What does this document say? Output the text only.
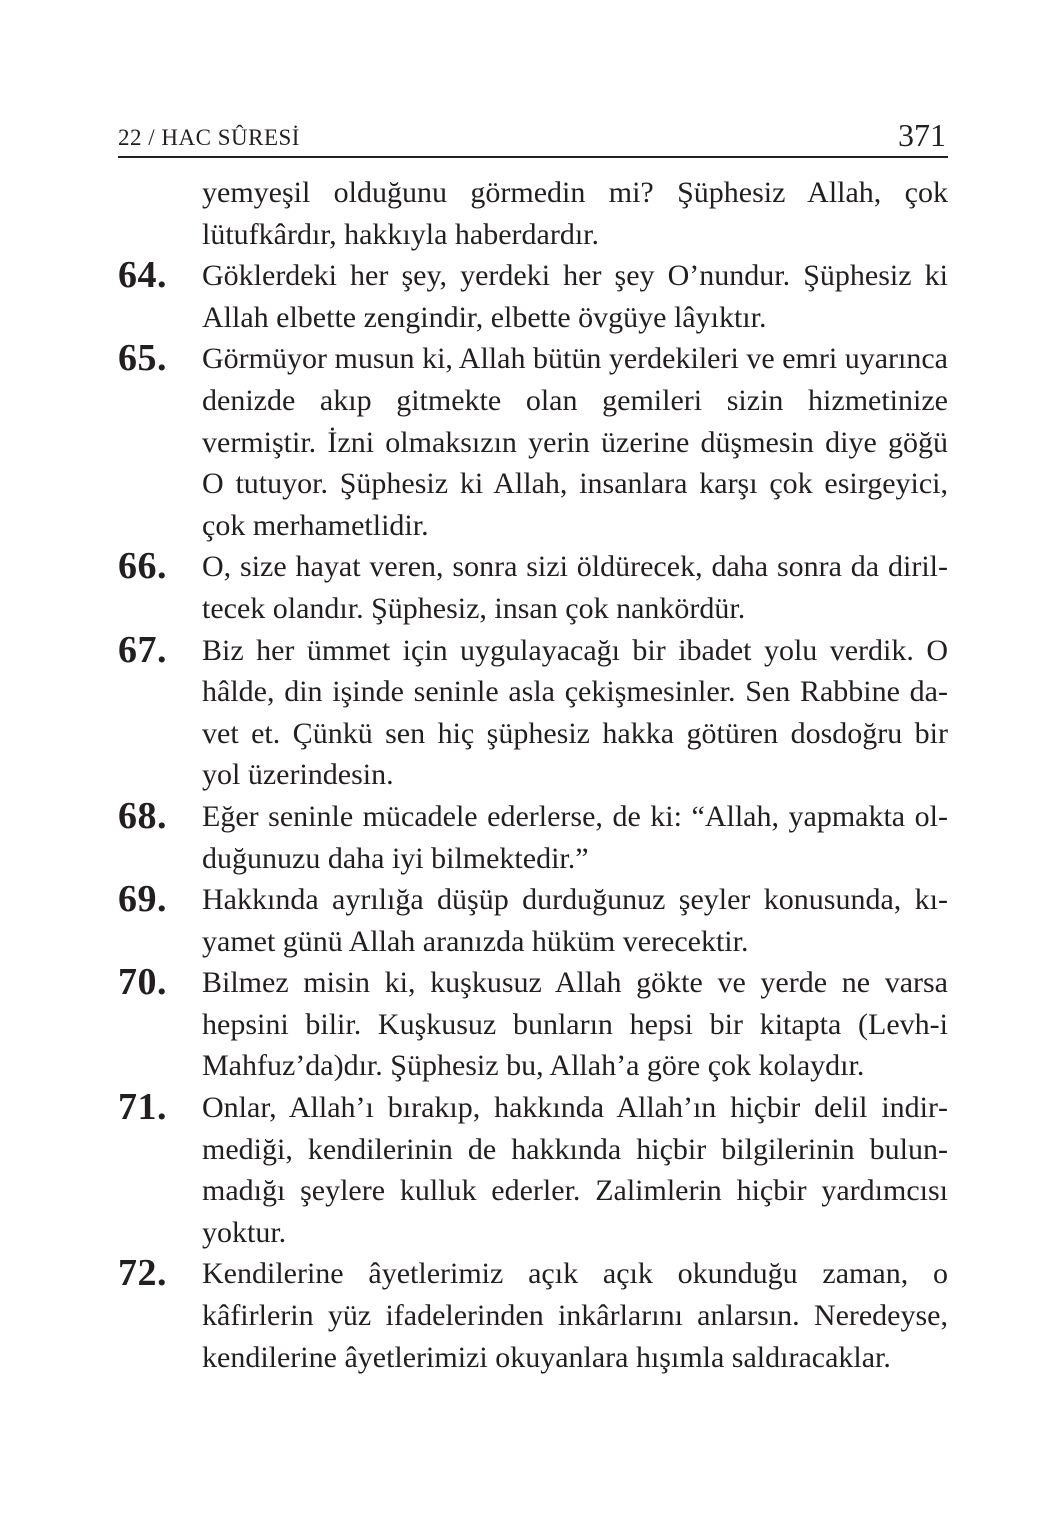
22 / HAC SÛRESİ	371

yemyeşil olduğunu görmedin mi? Şüphesiz Allah, çok lütufkârdır, hakkıyla haberdardır.

64. Göklerdeki her şey, yerdeki her şey O’nundur. Şüphesiz ki Allah elbette zengindir, elbette övgüye lâyıktır.

65. Görmüyor musun ki, Allah bütün yerdekileri ve emri uyarınca denizde akıp gitmekte olan gemileri sizin hizmetinize vermiştir. İzni olmaksızın yerin üzerine düşmesin diye göğü O tutuyor. Şüphesiz ki Allah, insanlara karşı çok esirgeyici, çok merhametlidir.

66. O, size hayat veren, sonra sizi öldürecek, daha sonra da diriltecek olandır. Şüphesiz, insan çok nankördür.

67. Biz her ümmet için uygulayacağı bir ibadet yolu verdik. O hâlde, din işinde seninle asla çekişmesinler. Sen Rabbine davet et. Çünkü sen hiç şüphesiz hakka götüren dosdoğru bir yol üzerindesin.

68. Eğer seninle mücadele ederlerse, de ki: “Allah, yapmakta olduğunuzu daha iyi bilmektedir.”

69. Hakkında ayrılığa düşüp durduğunuz şeyler konusunda, kıyamet günü Allah aranızda hüküm verecektir.

70. Bilmez misin ki, kuşkusuz Allah gökte ve yerde ne varsa hepsini bilir. Kuşkusuz bunların hepsi bir kitapta (Levh-i Mahfuz’da)dır. Şüphesiz bu, Allah’a göre çok kolaydır.

71. Onlar, Allah’ı bırakıp, hakkında Allah’ın hiçbir delil indirmediği, kendilerinin de hakkında hiçbir bilgilerinin bulunmadığı şeylere kulluk ederler. Zalimlerin hiçbir yardımcısı yoktur.

72. Kendilerine âyetlerimiz açık açık okunduğu zaman, o kâfirlerin yüz ifadelerinden inkârlarını anlarsın. Neredeyse, kendilerine âyetlerimizi okuyanlara hışımla saldıracaklar.
